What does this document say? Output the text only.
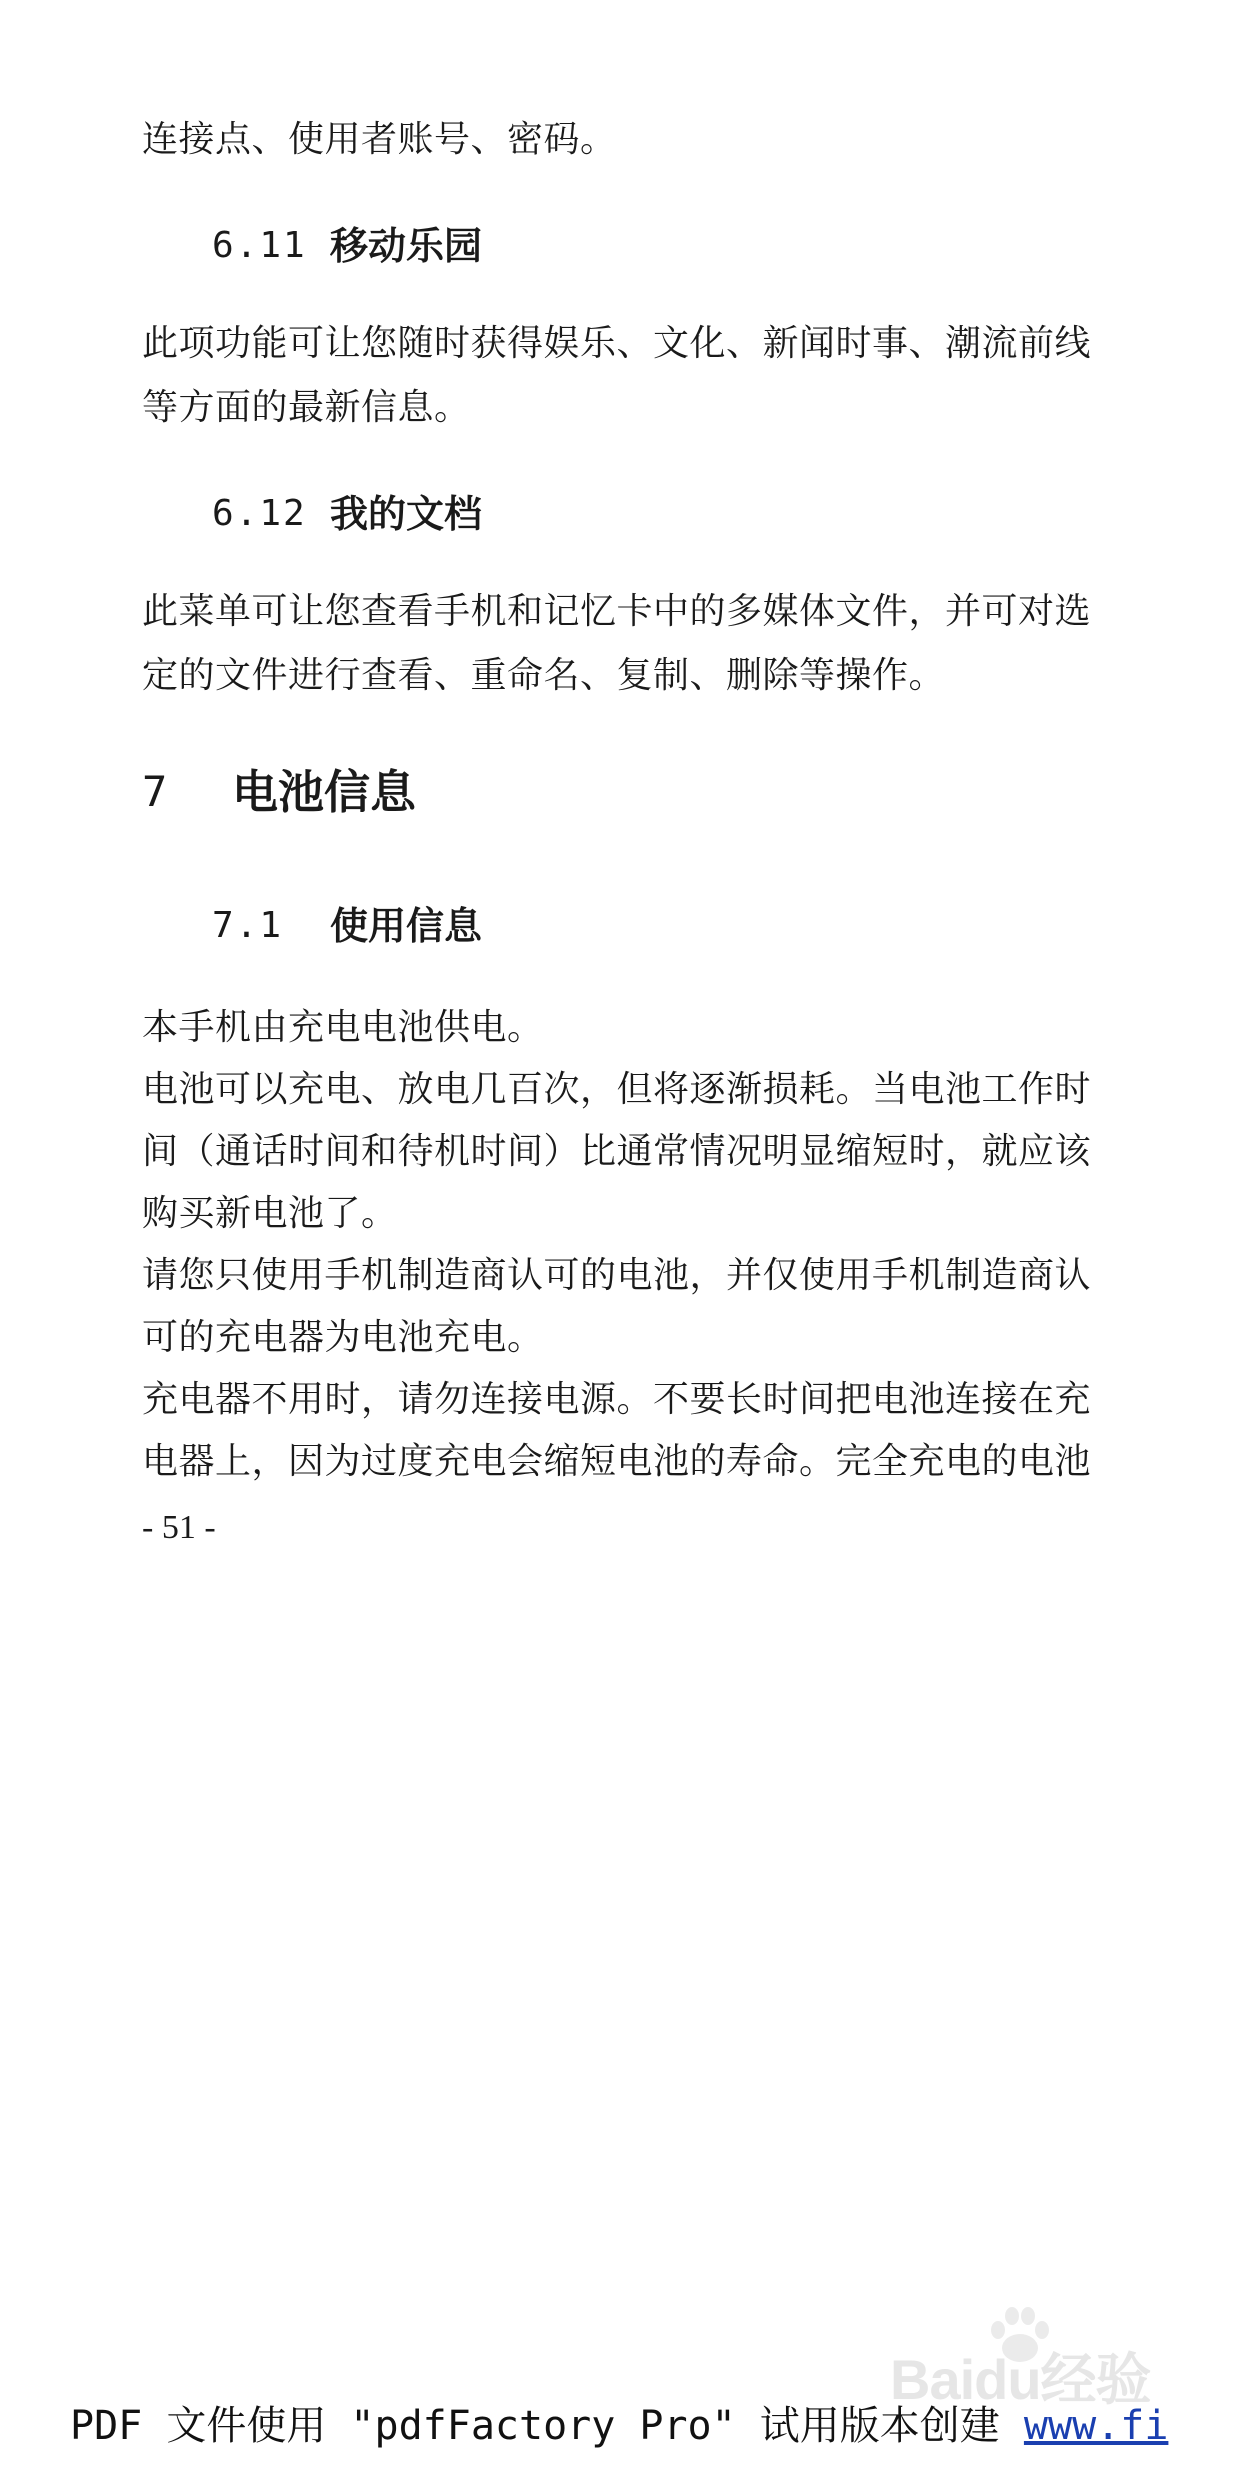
连接点、使用者账号、密码。
6.11 移动乐园
此项功能可让您随时获得娱乐、文化、新闻时事、潮流前线
等方面的最新信息。
6.12 我的文档
此菜单可让您查看手机和记忆卡中的多媒体文件，并可对选
定的文件进行查看、重命名、复制、删除等操作。
7 电池信息
7.1 使用信息
本手机由充电电池供电。
电池可以充电、放电几百次，但将逐渐损耗。当电池工作时
间（通话时间和待机时间）比通常情况明显缩短时，就应该
购买新电池了。
请您只使用手机制造商认可的电池，并仅使用手机制造商认
可的充电器为电池充电。
充电器不用时，请勿连接电源。不要长时间把电池连接在充
电器上，因为过度充电会缩短电池的寿命。完全充电的电池
- 51 -
Baidu经验
PDF 文件使用 "pdfFactory Pro" 试用版本创建 www.fi
